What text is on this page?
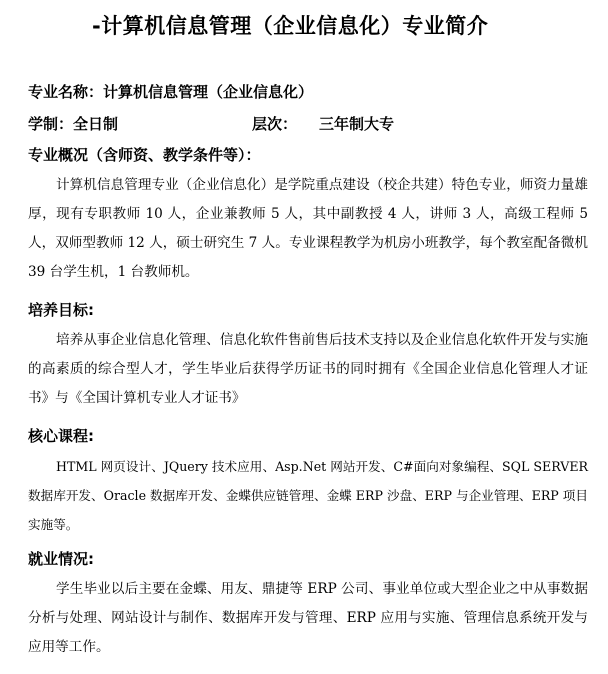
-计算机信息管理（企业信息化）专业简介
专业名称：计算机信息管理（企业信息化）
学制：全日制	层次： 三年制大专
专业概况（含师资、教学条件等）：
计算机信息管理专业（企业信息化）是学院重点建设（校企共建）特色专业，师资力量雄厚，现有专职教师 10 人，企业兼教师 5 人，其中副教授 4 人，讲师 3 人，高级工程师 5 人，双师型教师 12 人，硕士研究生 7 人。专业课程教学为机房小班教学，每个教室配备微机 39 台学生机，1 台教师机。
培养目标:
培养从事企业信息化管理、信息化软件售前售后技术支持以及企业信息化软件开发与实施的高素质的综合型人才，学生毕业后获得学历证书的同时拥有《全国企业信息化管理人才证书》与《全国计算机专业人才证书》
核心课程:
HTML 网页设计、JQuery 技术应用、Asp.Net 网站开发、C#面向对象编程、SQL SERVER 数据库开发、Oracle 数据库开发、金蝶供应链管理、金蝶 ERP 沙盘、ERP 与企业管理、ERP 项目实施等。
就业情况:
学生毕业以后主要在金蝶、用友、鼎捷等 ERP 公司、事业单位或大型企业之中从事数据分析与处理、网站设计与制作、数据库开发与管理、ERP 应用与实施、管理信息系统开发与应用等工作。
